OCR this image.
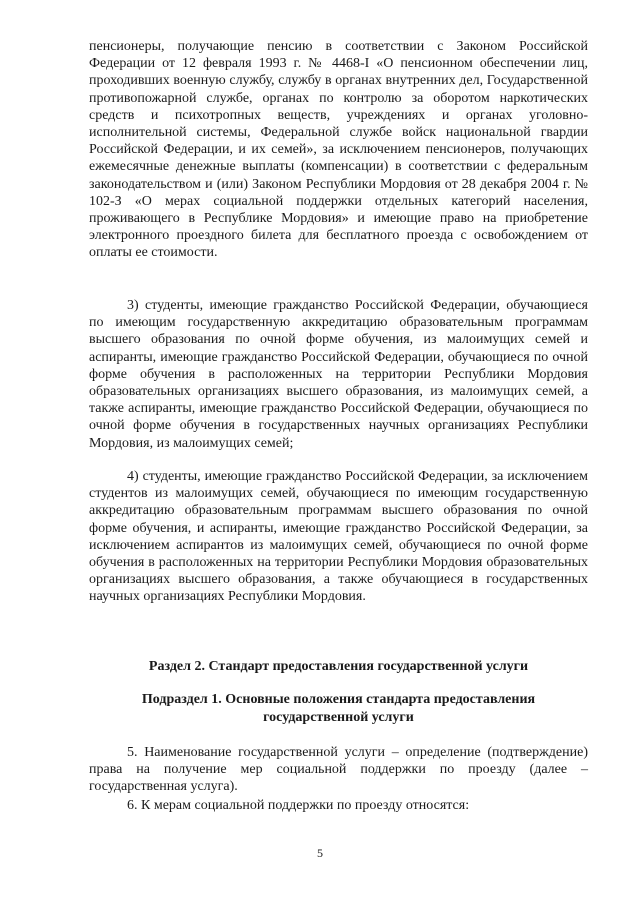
пенсионеры, получающие пенсию в соответствии с Законом Российской Федерации от 12 февраля 1993 г. № 4468-I «О пенсионном обеспечении лиц, проходивших военную службу, службу в органах внутренних дел, Государственной противопожарной службе, органах по контролю за оборотом наркотических средств и психотропных веществ, учреждениях и органах уголовно-исполнительной системы, Федеральной службе войск национальной гвардии Российской Федерации, и их семей», за исключением пенсионеров, получающих ежемесячные денежные выплаты (компенсации) в соответствии с федеральным законодательством и (или) Законом Республики Мордовия от 28 декабря 2004 г. № 102-З «О мерах социальной поддержки отдельных категорий населения, проживающего в Республике Мордовия» и имеющие право на приобретение электронного проездного билета для бесплатного проезда с освобождением от оплаты ее стоимости.

3) студенты, имеющие гражданство Российской Федерации, обучающиеся по имеющим государственную аккредитацию образовательным программам высшего образования по очной форме обучения, из малоимущих семей и аспиранты, имеющие гражданство Российской Федерации, обучающиеся по очной форме обучения в расположенных на территории Республики Мордовия образовательных организациях высшего образования, из малоимущих семей, а также аспиранты, имеющие гражданство Российской Федерации, обучающиеся по очной форме обучения в государственных научных организациях Республики Мордовия, из малоимущих семей;

4) студенты, имеющие гражданство Российской Федерации, за исключением студентов из малоимущих семей, обучающиеся по имеющим государственную аккредитацию образовательным программам высшего образования по очной форме обучения, и аспиранты, имеющие гражданство Российской Федерации, за исключением аспирантов из малоимущих семей, обучающиеся по очной форме обучения в расположенных на территории Республики Мордовия образовательных организациях высшего образования, а также обучающиеся в государственных научных организациях Республики Мордовия.

Раздел 2. Стандарт предоставления государственной услуги
Подраздел 1. Основные положения стандарта предоставления
государственной услуги

5. Наименование государственной услуги – определение (подтверждение) права на получение мер социальной поддержки по проезду (далее – государственная услуга).

6. К мерам социальной поддержки по проезду относятся:

5
